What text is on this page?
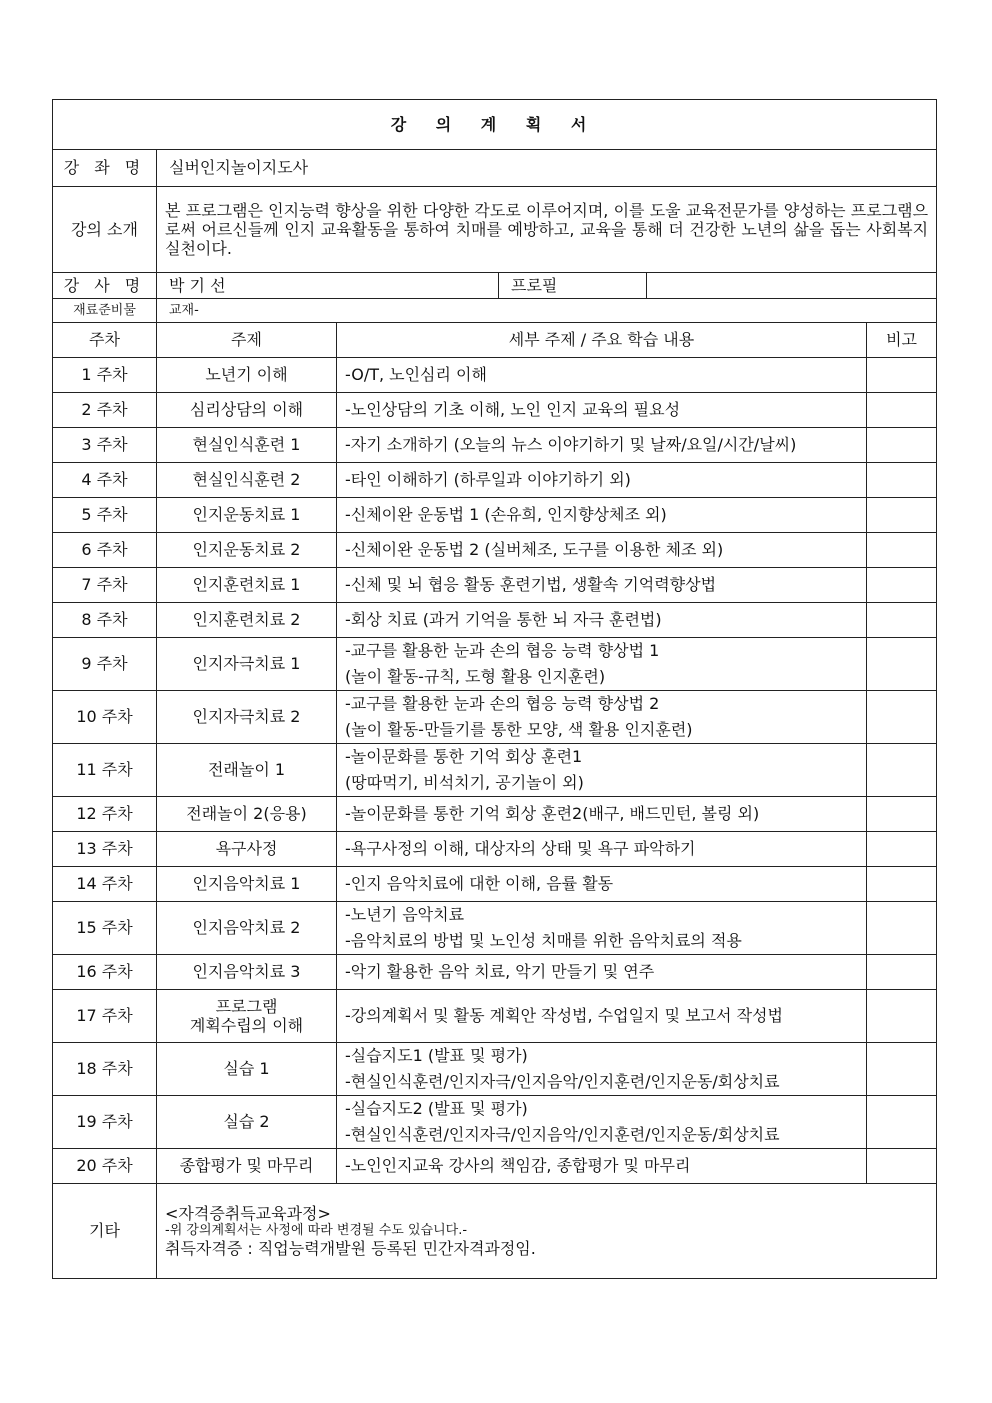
강 의 계 획 서					
강 좌 명	실버인지놀이지도사				
강의 소개	본 프로그램은 인지능력 향상을 위한 다양한 각도로 이루어지며, 이를 도울 교육전문가를 양성하는 프로그램으로써 어르신들께 인지 교육활동을 통하여 치매를 예방하고, 교육을 통해 더 건강한 노년의 삶을 돕는 사회복지실천이다.				
강 사 명	박 기 선		프로필		
재료준비물	교재-				
주차	주제	세부 주제 / 주요 학습 내용			비고
1 주차	노년기 이해	-O/T, 노인심리 이해			

2 주차	심리상담의 이해	-노인상담의 기초 이해, 노인 인지 교육의 필요성			

3 주차	현실인식훈련 1	-자기 소개하기 (오늘의 뉴스 이야기하기 및 날짜/요일/시간/날씨)			

4 주차	현실인식훈련 2	-타인 이해하기 (하루일과 이야기하기 외)			

5 주차	인지운동치료 1	-신체이완 운동법 1 (손유희, 인지향상체조 외)			

6 주차	인지운동치료 2	-신체이완 운동법 2 (실버체조, 도구를 이용한 체조 외)			

7 주차	인지훈련치료 1	-신체 및 뇌 협응 활동 훈련기법, 생활속 기억력향상법			

8 주차	인지훈련치료 2	-회상 치료 (과거 기억을 통한 뇌 자극 훈련법)			

9 주차	인지자극치료 1	-교구를 활용한 눈과 손의 협응 능력 향상법 1
(놀이 활동-규칙, 도형 활용 인지훈련)			

10 주차	인지자극치료 2	-교구를 활용한 눈과 손의 협응 능력 향상법 2
(놀이 활동-만들기를 통한 모양, 색 활용 인지훈련)			

11 주차	전래놀이 1	-놀이문화를 통한 기억 회상 훈련1
(땅따먹기, 비석치기, 공기놀이 외)			

12 주차	전래놀이 2(응용)	-놀이문화를 통한 기억 회상 훈련2(배구, 배드민턴, 볼링 외)			

13 주차	욕구사정	-욕구사정의 이해, 대상자의 상태 및 욕구 파악하기			

14 주차	인지음악치료 1	-인지 음악치료에 대한 이해, 음률 활동			

15 주차	인지음악치료 2	-노년기 음악치료
-음악치료의 방법 및 노인성 치매를 위한 음악치료의 적용			

16 주차	인지음악치료 3	-악기 활용한 음악 치료, 악기 만들기 및 연주			

17 주차	프로그램
계획수립의 이해	-강의계획서 및 활동 계획안 작성법, 수업일지 및 보고서 작성법			

18 주차	실습 1	-실습지도1 (발표 및 평가)
-현실인식훈련/인지자극/인지음악/인지훈련/인지운동/회상치료			

19 주차	실습 2	-실습지도2 (발표 및 평가)
-현실인식훈련/인지자극/인지음악/인지훈련/인지운동/회상치료			

20 주차	종합평가 및 마무리	-노인인지교육 강사의 책임감, 종합평가 및 마무리			

기타	<자격증취득교육과정>
-위 강의계획서는 사정에 따라 변경될 수도 있습니다.-
취득자격증 : 직업능력개발원 등록된 민간자격과정임.				
